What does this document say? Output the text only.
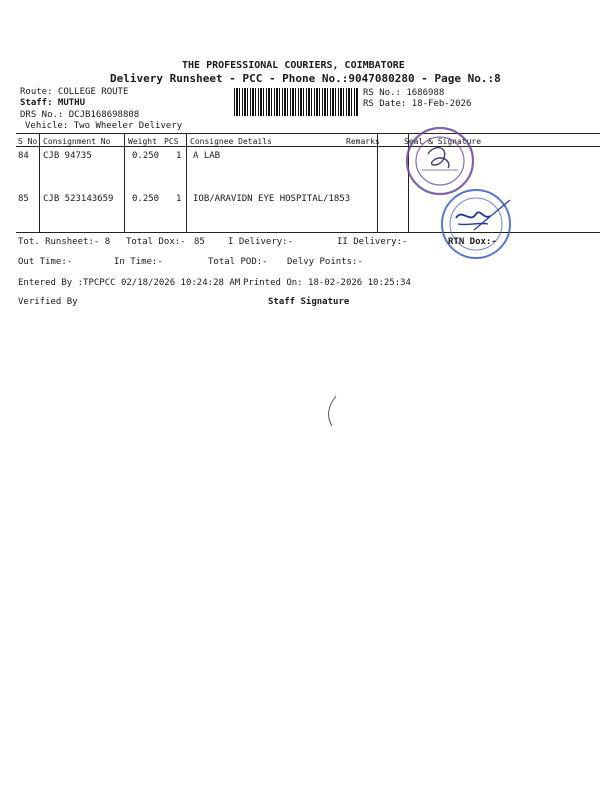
THE PROFESSIONAL COURIERS, COIMBATORE
Delivery Runsheet - PCC - Phone No.:9047080280 - Page No.:8
Route: COLLEGE ROUTE
Staff: MUTHU
DRS No.: DCJB168698808
Vehicle: Two Wheeler Delivery
RS No.: 1686988
RS Date: 18-Feb-2026
S No Consignment No Weight PCS Consignee Details	Remarks	Seal & Signature
84 CJB 94735	0.250 1 A LAB
85 CJB 523143659 0.250 1 IOB/ARAVIDN EYE HOSPITAL/1853
Tot. Runsheet:- 8 Total Dox:- 85	I Delivery:-	II Delivery:-	RTN Dox:-
Out Time:-	In Time:-	Total POD:- Delvy Points:-
Entered By :TPCPCC 02/18/2026 10:24:28 AM Printed On: 18-02-2026 10:25:34
Verified By	Staff Signature
